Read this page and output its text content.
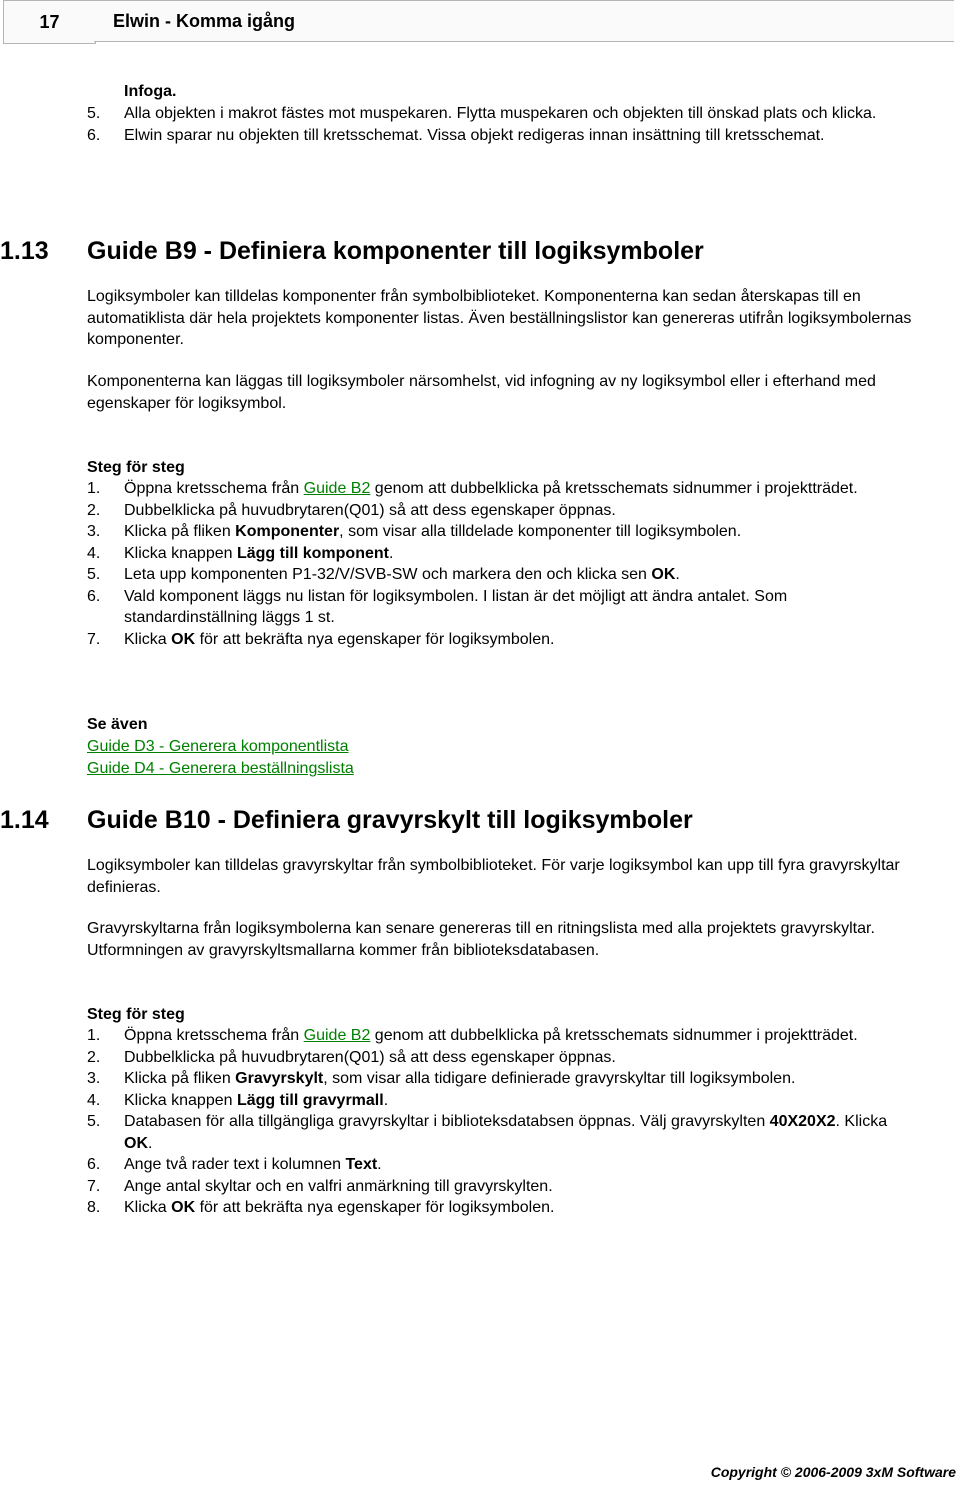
17	Elwin - Komma igång
Infoga.
5. Alla objekten i makrot fästes mot muspekaren. Flytta muspekaren och objekten till önskad plats och klicka.
6. Elwin sparar nu objekten till kretsschemat. Vissa objekt redigeras innan insättning till kretsschemat.
1.13 Guide B9 - Definiera komponenter till logiksymboler
Logiksymboler kan tilldelas komponenter från symbolbiblioteket. Komponenterna kan sedan återskapas till en automatiklista där hela projektets komponenter listas. Även beställningslistor kan genereras utifrån logiksymbolernas komponenter.
Komponenterna kan läggas till logiksymboler närsomhelst, vid infogning av ny logiksymbol eller i efterhand med egenskaper för logiksymbol.
Steg för steg
1. Öppna kretsschema från Guide B2 genom att dubbelklicka på kretsschemats sidnummer i projektträdet.
2. Dubbelklicka på huvudbrytaren(Q01) så att dess egenskaper öppnas.
3. Klicka på fliken Komponenter, som visar alla tilldelade komponenter till logiksymbolen.
4. Klicka knappen Lägg till komponent.
5. Leta upp komponenten P1-32/V/SVB-SW och markera den och klicka sen OK.
6. Vald komponent läggs nu listan för logiksymbolen. I listan är det möjligt att ändra antalet. Som standardinställning läggs 1 st.
7. Klicka OK för att bekräfta nya egenskaper för logiksymbolen.
Se även
Guide D3 - Generera komponentlista
Guide D4 - Generera beställningslista
1.14 Guide B10 - Definiera gravyrskylt till logiksymboler
Logiksymboler kan tilldelas gravyrskyltar från symbolbiblioteket. För varje logiksymbol kan upp till fyra gravyrskyltar definieras.
Gravyrskyltarna från logiksymbolerna kan senare genereras till en ritningslista med alla projektets gravyrskyltar. Utformningen av gravyrskyltsmallarna kommer från biblioteksdatabasen.
Steg för steg
1. Öppna kretsschema från Guide B2 genom att dubbelklicka på kretsschemats sidnummer i projektträdet.
2. Dubbelklicka på huvudbrytaren(Q01) så att dess egenskaper öppnas.
3. Klicka på fliken Gravyrskylt, som visar alla tidigare definierade gravyrskyltar till logiksymbolen.
4. Klicka knappen Lägg till gravyrmall.
5. Databasen för alla tillgängliga gravyrskyltar i biblioteksdatabsen öppnas. Välj gravyrskylten 40X20X2. Klicka OK.
6. Ange två rader text i kolumnen Text.
7. Ange antal skyltar och en valfri anmärkning till gravyrskylten.
8. Klicka OK för att bekräfta nya egenskaper för logiksymbolen.
Copyright © 2006-2009 3xM Software
